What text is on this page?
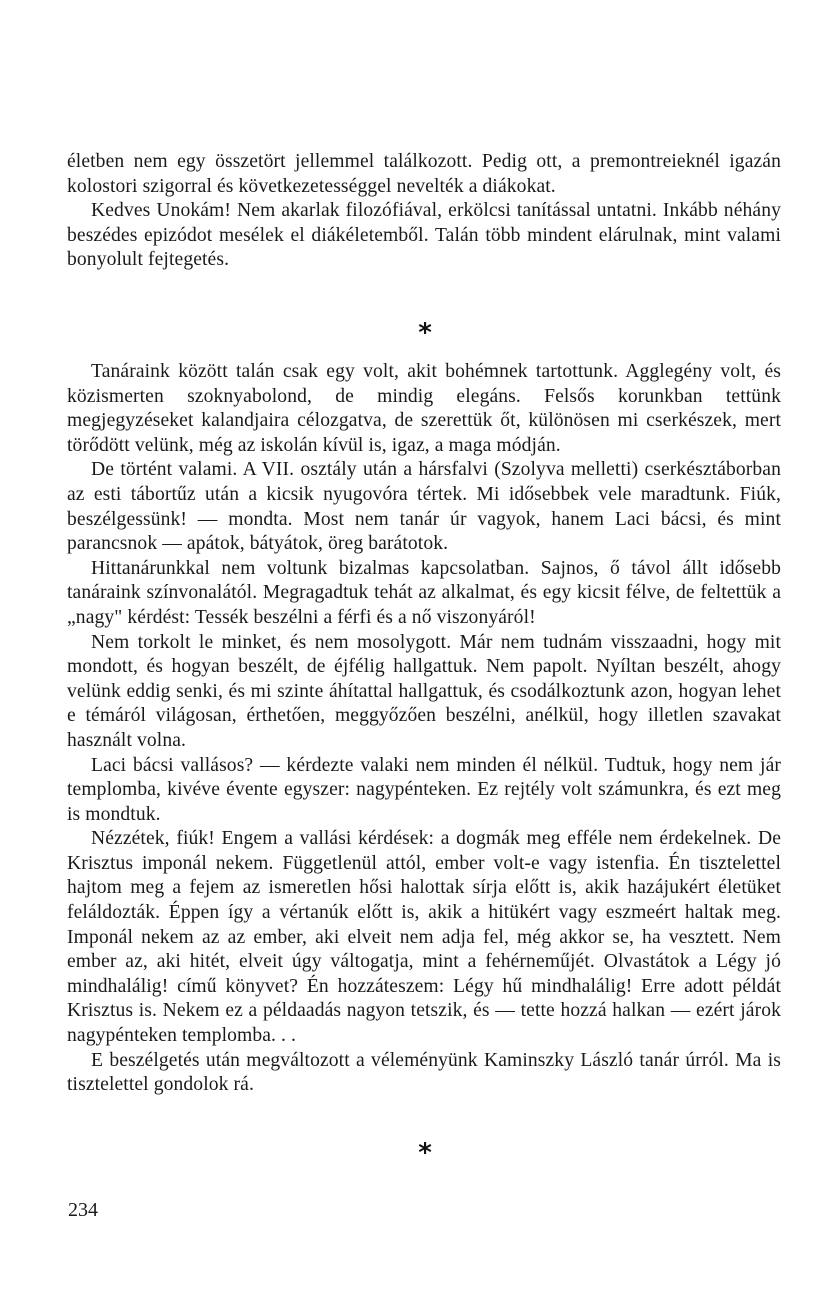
életben nem egy összetört jellemmel találkozott. Pedig ott, a premontreieknél igazán kolostori szigorral és következetességgel nevelték a diákokat.

Kedves Unokám! Nem akarlak filozófiával, erkölcsi tanítással untatni. Inkább néhány beszédes epizódot mesélek el diákéletemből. Talán több mindent elárulnak, mint valami bonyolult fejtegetés.

*

Tanáraink között talán csak egy volt, akit bohémnek tartottunk. Agglegény volt, és közismerten szoknyabolond, de mindig elegáns. Felsős korunkban tettünk megjegyzéseket kalandjaira célozgatva, de szerettük őt, különösen mi cserkészek, mert törődött velünk, még az iskolán kívül is, igaz, a maga módján.

De történt valami. A VII. osztály után a hársfalvi (Szolyva melletti) cserkésztáborban az esti tábortűz után a kicsik nyugovóra tértek. Mi idősebbek vele maradtunk. Fiúk, beszélgessünk! — mondta. Most nem tanár úr vagyok, hanem Laci bácsi, és mint parancsnok — apátok, bátyátok, öreg barátotok.

Hittanárunkkal nem voltunk bizalmas kapcsolatban. Sajnos, ő távol állt idősebb tanáraink színvonalától. Megragadtuk tehát az alkalmat, és egy kicsit félve, de feltettük a „nagy" kérdést: Tessék beszélni a férfi és a nő viszonyáról!

Nem torkolt le minket, és nem mosolygott. Már nem tudnám visszaadni, hogy mit mondott, és hogyan beszélt, de éjfélig hallgattuk. Nem papolt. Nyíltan beszélt, ahogy velünk eddig senki, és mi szinte áhítattal hallgattuk, és csodálkoztunk azon, hogyan lehet e témáról világosan, érthetően, meggyőzően beszélni, anélkül, hogy illetlen szavakat használt volna.

Laci bácsi vallásos? — kérdezte valaki nem minden él nélkül. Tudtuk, hogy nem jár templomba, kivéve évente egyszer: nagypénteken. Ez rejtély volt számunkra, és ezt meg is mondtuk.

Nézzétek, fiúk! Engem a vallási kérdések: a dogmák meg efféle nem érdekelnek. De Krisztus imponál nekem. Függetlenül attól, ember volt-e vagy istenfia. Én tisztelettel hajtom meg a fejem az ismeretlen hősi halottak sírja előtt is, akik hazájukért életüket feláldozták. Éppen így a vértanúk előtt is, akik a hitükért vagy eszmeért haltak meg. Imponál nekem az az ember, aki elveit nem adja fel, még akkor se, ha vesztett. Nem ember az, aki hitét, elveit úgy váltogatja, mint a fehérneműjét. Olvastátok a Légy jó mindhalálig! című könyvet? Én hozzáteszem: Légy hű mindhalálig! Erre adott példát Krisztus is. Nekem ez a példaadás nagyon tetszik, és — tette hozzá halkan — ezért járok nagypénteken templomba. . .

E beszélgetés után megváltozott a véleményünk Kaminszky László tanár úrról. Ma is tisztelettel gondolok rá.

*
234
